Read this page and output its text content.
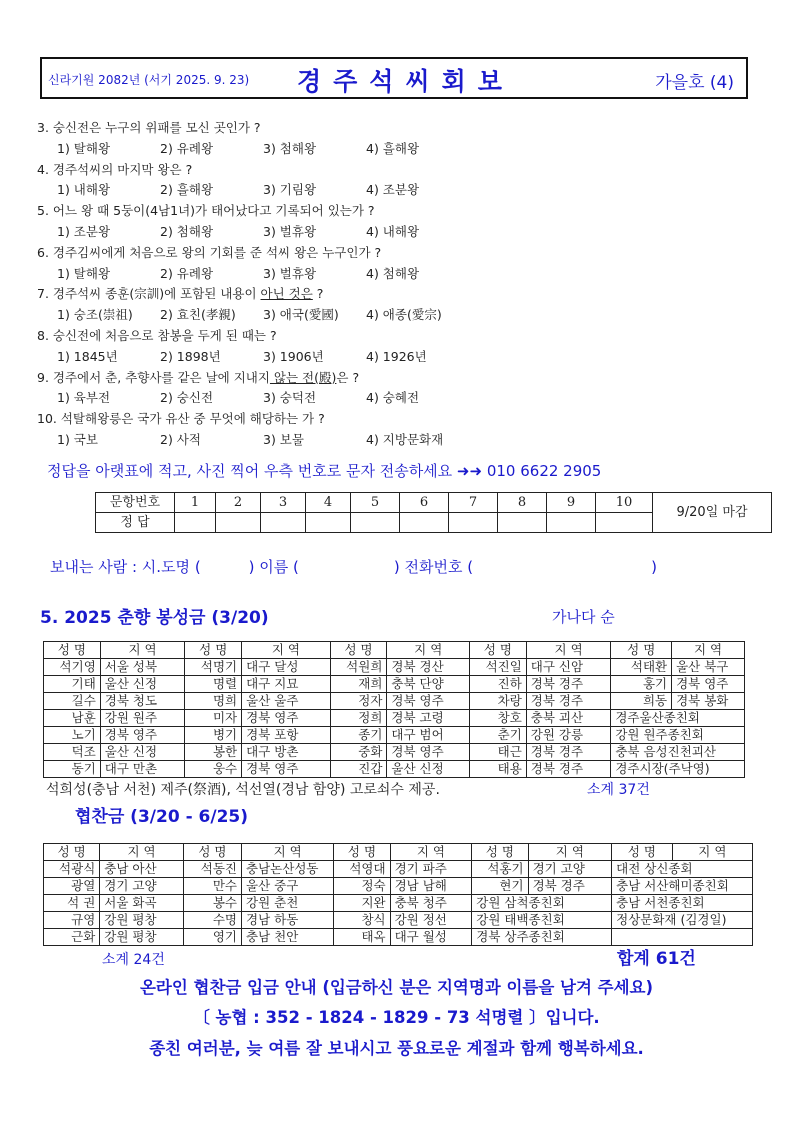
신라기원 2082년 (서기 2025. 9. 23) 경주석씨회보	가을호 (4)
3. 숭신전은 누구의 위패를 모신 곳인가 ?
1) 탈해왕	2) 유례왕	3) 첨해왕	4) 흘해왕
4. 경주석씨의 마지막 왕은 ?
1) 내해왕	2) 흘해왕	3) 기림왕	4) 조분왕
5. 어느 왕 때 5둥이(4남1녀)가 태어났다고 기록되어 있는가 ?
1) 조분왕	2) 첨해왕	3) 벌휴왕	4) 내해왕
6. 경주김씨에게 처음으로 왕의 기회를 준 석씨 왕은 누구인가 ?
1) 탈해왕	2) 유례왕	3) 벌휴왕	4) 첨해왕
7. 경주석씨 종훈(宗訓)에 포함된 내용이 아닌 것은 ?
1) 숭조(崇祖) 2) 효친(孝親) 3) 애국(愛國) 4) 애종(愛宗)
8. 숭신전에 처음으로 참봉을 두게 된 때는 ?
1) 1845년	2) 1898년	3) 1906년	4) 1926년
9. 경주에서 춘, 추향사를 같은 날에 지내지 않는 전(殿)은 ?
1) 육부전	2) 숭신전	3) 숭덕전	4) 숭혜전
10. 석탈해왕릉은 국가 유산 중 무엇에 해당하는 가 ?
1) 국보	2) 사적	3) 보물	4) 지방문화재
정답을 아랫표에 적고, 사진 찍어 우측 번호로 문자 전송하세요 ➜➜ 010 6622 2905
문항번호	1	2	3	4	5	6	7	8	9	10	9/20일 마감
정 답											
보내는 사람 : 시.도명 (	) 이름 (	) 전화번호 (	)
5. 2025 춘향 봉성금 (3/20)	가나다 순
성 명	지 역	성 명	지 역	성 명	지 역	성 명	지 역	성 명	지 역
석기영	서울 성북	석명기	대구 달성	석원희	경북 경산	석진일	대구 신암	석태환	울산 북구
기태	울산 신정	명렬	대구 지묘	재희	충북 단양	진하	경북 경주	홍기	경북 영주
길수	경북 청도	명희	울산 울주	정자	경북 영주	차랑	경북 경주	희동	경북 봉화
남훈	강원 원주	미자	경북 영주	정희	경북 고령	창호	충북 괴산	경주울산종친회	
노기	경북 영주	병기	경북 포항	종기	대구 범어	춘기	강원 강릉	강원 원주종친회	
덕조	울산 신정	봉한	대구 방촌	중화	경북 영주	태근	경북 경주	충북 음성진천괴산	
동기	대구 만촌	웅수	경북 영주	진갑	울산 신정	태용	경북 경주	경주시장(주낙영)	
석희성(충남 서천) 제주(祭酒), 석선열(경남 함양) 고로쇠수 제공.	소계 37건
협찬금 (3/20 - 6/25)
성 명	지 역	성 명	지 역	성 명	지 역	성 명	지 역	성 명	지 역
석광식	충남 아산	석동진	충남논산성동	석영대	경기 파주	석홍기	경기 고양	대전 상신종회	
광열	경기 고양	만수	울산 중구	정숙	경남 남해	현기	경북 경주	충남 서산해미종친회	
석 권	서울 화곡	봉수	강원 춘천	지완	충북 청주	강원 삼척종친회		충남 서천종친회	
규영	강원 평창	수명	경남 하동	창식	강원 정선	강원 태백종친회		정상문화재 (김경일)	
근화	강원 평창	영기	충남 천안	태옥	대구 월성	경북 상주종친회			
소계 24건	합계 61건
온라인 협찬금 입금 안내 (입금하신 분은 지역명과 이름을 남겨 주세요)
〔 농협 : 352 - 1824 - 1829 - 73 석명렬 〕입니다.
종친 여러분, 늦 여름 잘 보내시고 풍요로운 계절과 함께 행복하세요.
